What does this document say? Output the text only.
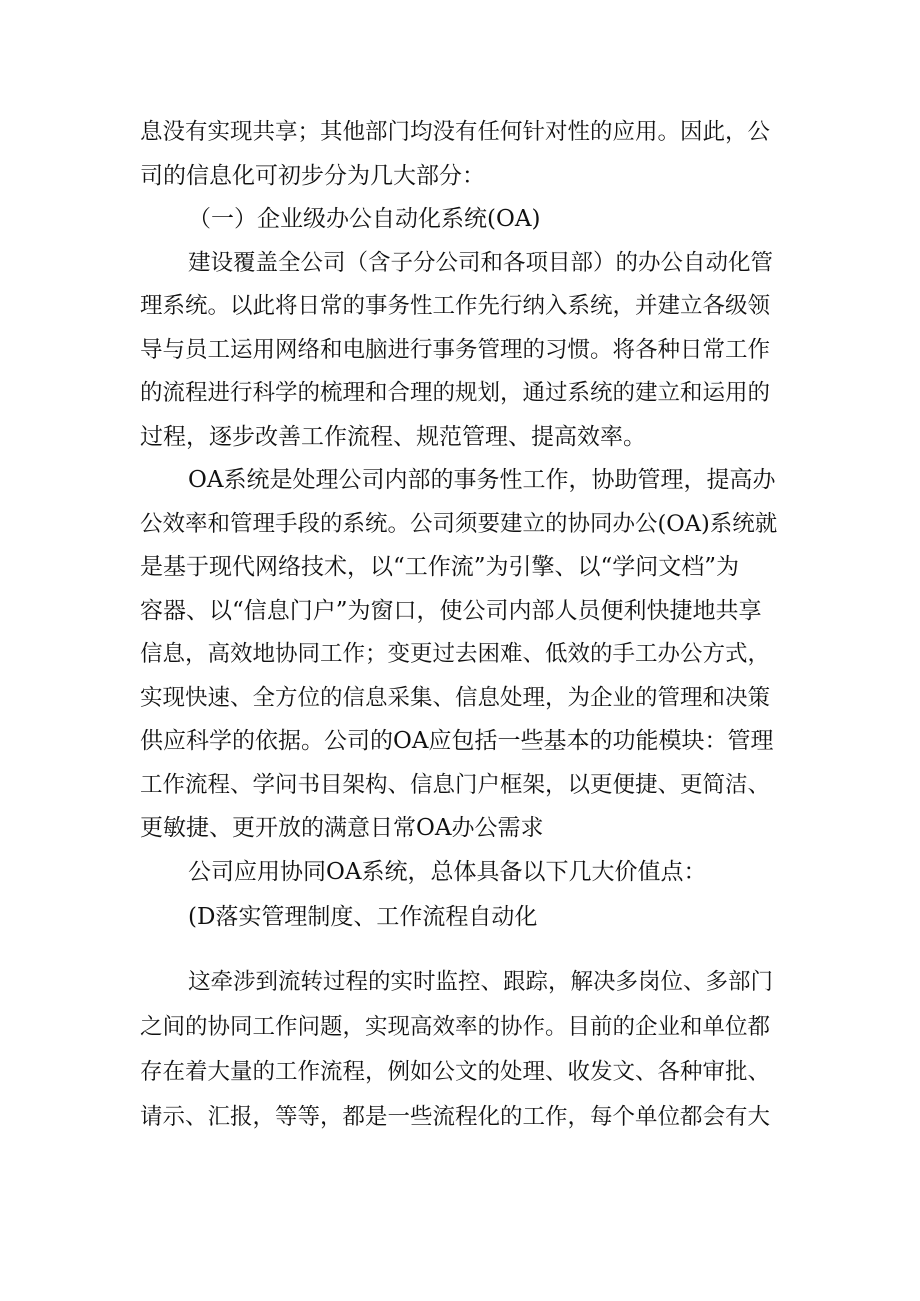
息没有实现共享；其他部门均没有任何针对性的应用。因此，公
司的信息化可初步分为几大部分：
（一）企业级办公自动化系统(OA)
建设覆盖全公司（含子分公司和各项目部）的办公自动化管
理系统。以此将日常的事务性工作先行纳入系统，并建立各级领
导与员工运用网络和电脑进行事务管理的习惯。将各种日常工作
的流程进行科学的梳理和合理的规划，通过系统的建立和运用的
过程，逐步改善工作流程、规范管理、提高效率。
OA系统是处理公司内部的事务性工作，协助管理，提高办
公效率和管理手段的系统。公司须要建立的协同办公(OA)系统就
是基于现代网络技术，以“工作流”为引擎、以“学问文档”为
容器、以“信息门户”为窗口，使公司内部人员便利快捷地共享
信息，高效地协同工作；变更过去困难、低效的手工办公方式，
实现快速、全方位的信息采集、信息处理，为企业的管理和决策
供应科学的依据。公司的OA应包括一些基本的功能模块：管理
工作流程、学问书目架构、信息门户框架，以更便捷、更简洁、
更敏捷、更开放的满意日常OA办公需求
公司应用协同OA系统，总体具备以下几大价值点：
(D落实管理制度、工作流程自动化
这牵涉到流转过程的实时监控、跟踪，解决多岗位、多部门
之间的协同工作问题，实现高效率的协作。目前的企业和单位都
存在着大量的工作流程，例如公文的处理、收发文、各种审批、
请示、汇报，等等，都是一些流程化的工作，每个单位都会有大
